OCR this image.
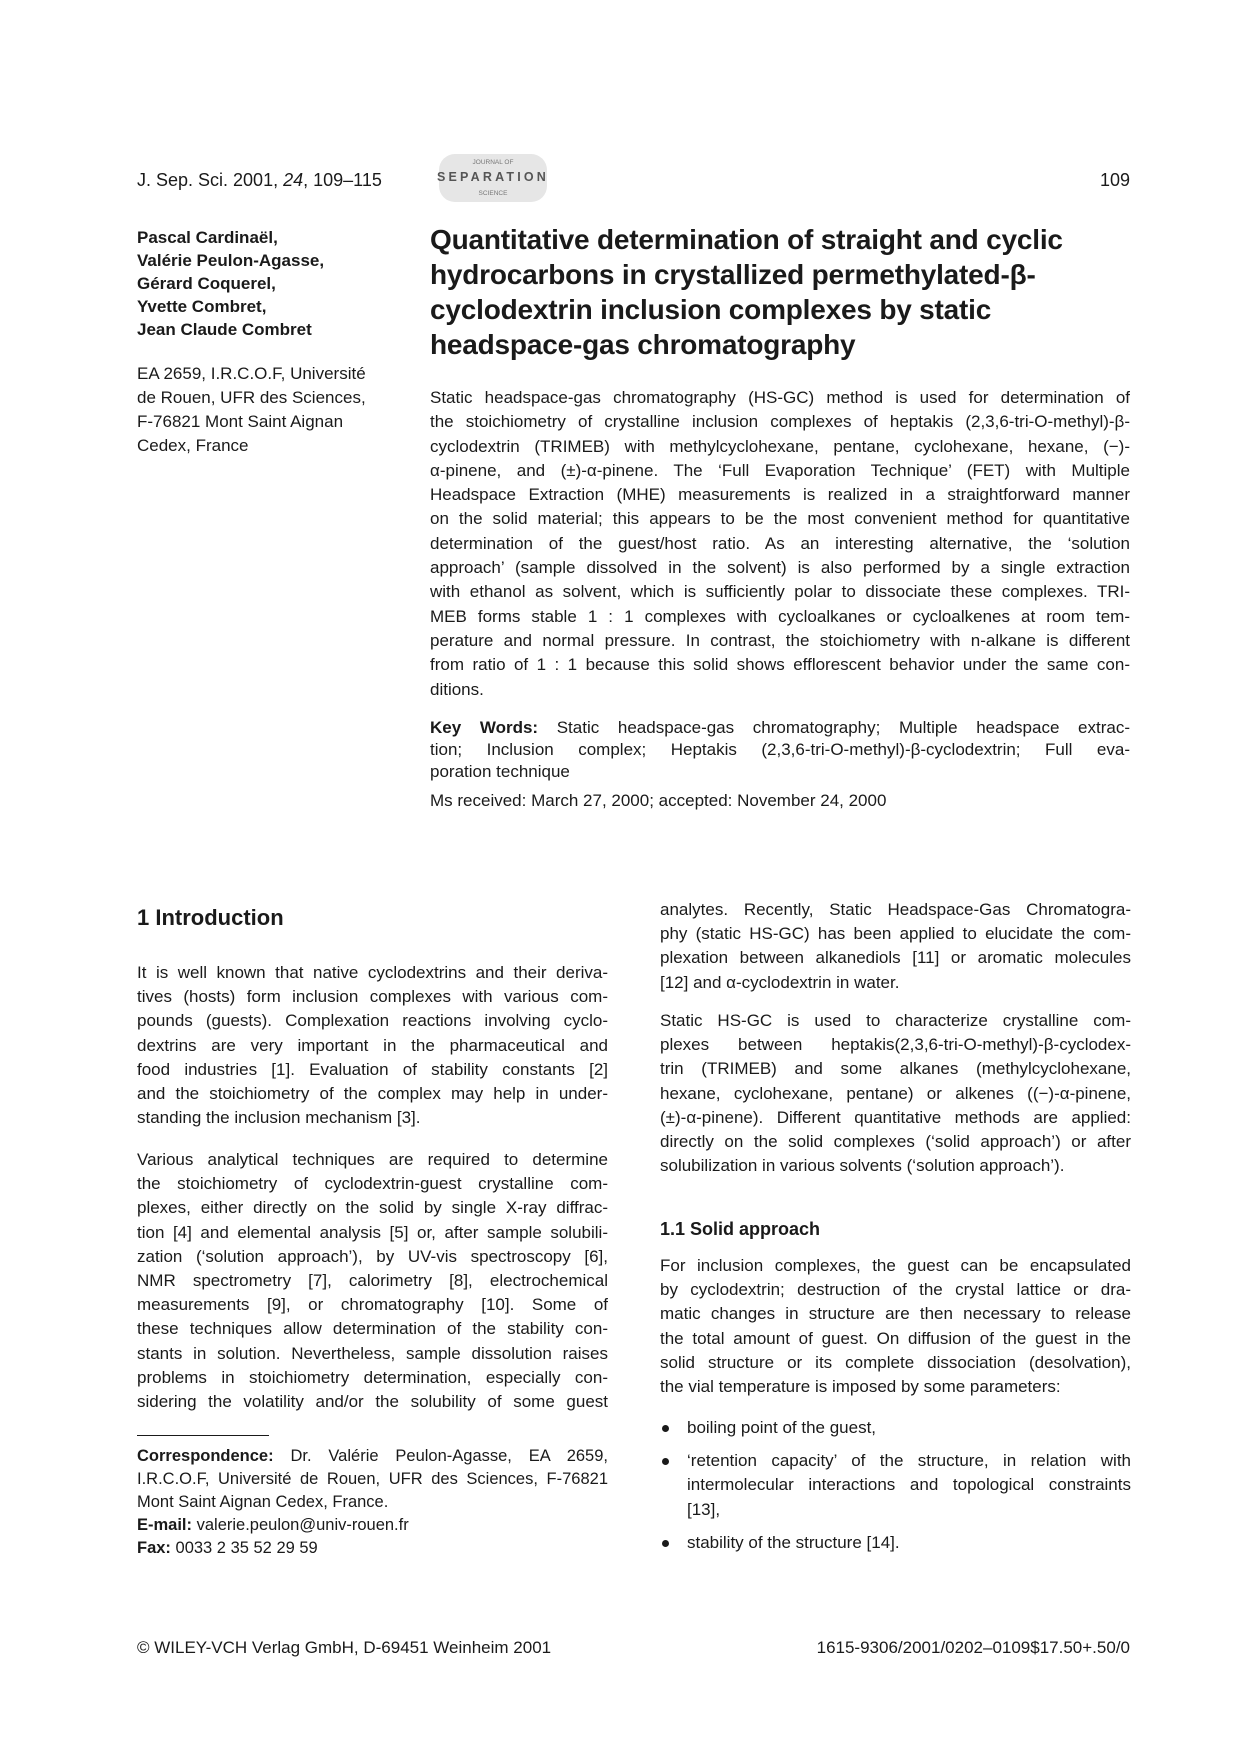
J. Sep. Sci. 2001, 24, 109–115
JOURNAL OF
SEPARATION
SCIENCE
109
Pascal Cardinaël,
Valérie Peulon-Agasse,
Gérard Coquerel,
Yvette Combret,
Jean Claude Combret
EA 2659, I.R.C.O.F, Université
de Rouen, UFR des Sciences,
F-76821 Mont Saint Aignan
Cedex, France
Quantitative determination of straight and cyclic
hydrocarbons in crystallized permethylated-β-
cyclodextrin inclusion complexes by static
headspace-gas chromatography
Static headspace-gas chromatography (HS-GC) method is used for determination of
the stoichiometry of crystalline inclusion complexes of heptakis (2,3,6-tri-O-methyl)-β-
cyclodextrin (TRIMEB) with methylcyclohexane, pentane, cyclohexane, hexane, (−)-
α-pinene, and (±)-α-pinene. The ‘Full Evaporation Technique’ (FET) with Multiple
Headspace Extraction (MHE) measurements is realized in a straightforward manner
on the solid material; this appears to be the most convenient method for quantitative
determination of the guest/host ratio. As an interesting alternative, the ‘solution
approach’ (sample dissolved in the solvent) is also performed by a single extraction
with ethanol as solvent, which is sufficiently polar to dissociate these complexes. TRI-
MEB forms stable 1 : 1 complexes with cycloalkanes or cycloalkenes at room tem-
perature and normal pressure. In contrast, the stoichiometry with n-alkane is different
from ratio of 1 : 1 because this solid shows efflorescent behavior under the same con-
ditions.
Key Words: Static headspace-gas chromatography; Multiple headspace extrac-
tion; Inclusion complex; Heptakis (2,3,6-tri-O-methyl)-β-cyclodextrin; Full eva-
poration technique
Ms received: March 27, 2000; accepted: November 24, 2000
1 Introduction
It is well known that native cyclodextrins and their deriva-
tives (hosts) form inclusion complexes with various com-
pounds (guests). Complexation reactions involving cyclo-
dextrins are very important in the pharmaceutical and
food industries [1]. Evaluation of stability constants [2]
and the stoichiometry of the complex may help in under-
standing the inclusion mechanism [3].
Various analytical techniques are required to determine
the stoichiometry of cyclodextrin-guest crystalline com-
plexes, either directly on the solid by single X-ray diffrac-
tion [4] and elemental analysis [5] or, after sample solubili-
zation (‘solution approach’), by UV-vis spectroscopy [6],
NMR spectrometry [7], calorimetry [8], electrochemical
measurements [9], or chromatography [10]. Some of
these techniques allow determination of the stability con-
stants in solution. Nevertheless, sample dissolution raises
problems in stoichiometry determination, especially con-
sidering the volatility and/or the solubility of some guest
Correspondence: Dr. Valérie Peulon-Agasse, EA 2659,
I.R.C.O.F, Université de Rouen, UFR des Sciences, F-76821
Mont Saint Aignan Cedex, France.
E-mail: valerie.peulon@univ-rouen.fr
Fax: 0033 2 35 52 29 59
analytes. Recently, Static Headspace-Gas Chromatogra-
phy (static HS-GC) has been applied to elucidate the com-
plexation between alkanediols [11] or aromatic molecules
[12] and α-cyclodextrin in water.
Static HS-GC is used to characterize crystalline com-
plexes between heptakis(2,3,6-tri-O-methyl)-β-cyclodex-
trin (TRIMEB) and some alkanes (methylcyclohexane,
hexane, cyclohexane, pentane) or alkenes ((−)-α-pinene,
(±)-α-pinene). Different quantitative methods are applied:
directly on the solid complexes (‘solid approach’) or after
solubilization in various solvents (‘solution approach’).
1.1 Solid approach
For inclusion complexes, the guest can be encapsulated
by cyclodextrin; destruction of the crystal lattice or dra-
matic changes in structure are then necessary to release
the total amount of guest. On diffusion of the guest in the
solid structure or its complete dissociation (desolvation),
the vial temperature is imposed by some parameters:
boiling point of the guest,
‘retention capacity’ of the structure, in relation with
intermolecular interactions and topological constraints
[13],
stability of the structure [14].
© WILEY-VCH Verlag GmbH, D-69451 Weinheim 2001	1615-9306/2001/0202–0109$17.50+.50/0
